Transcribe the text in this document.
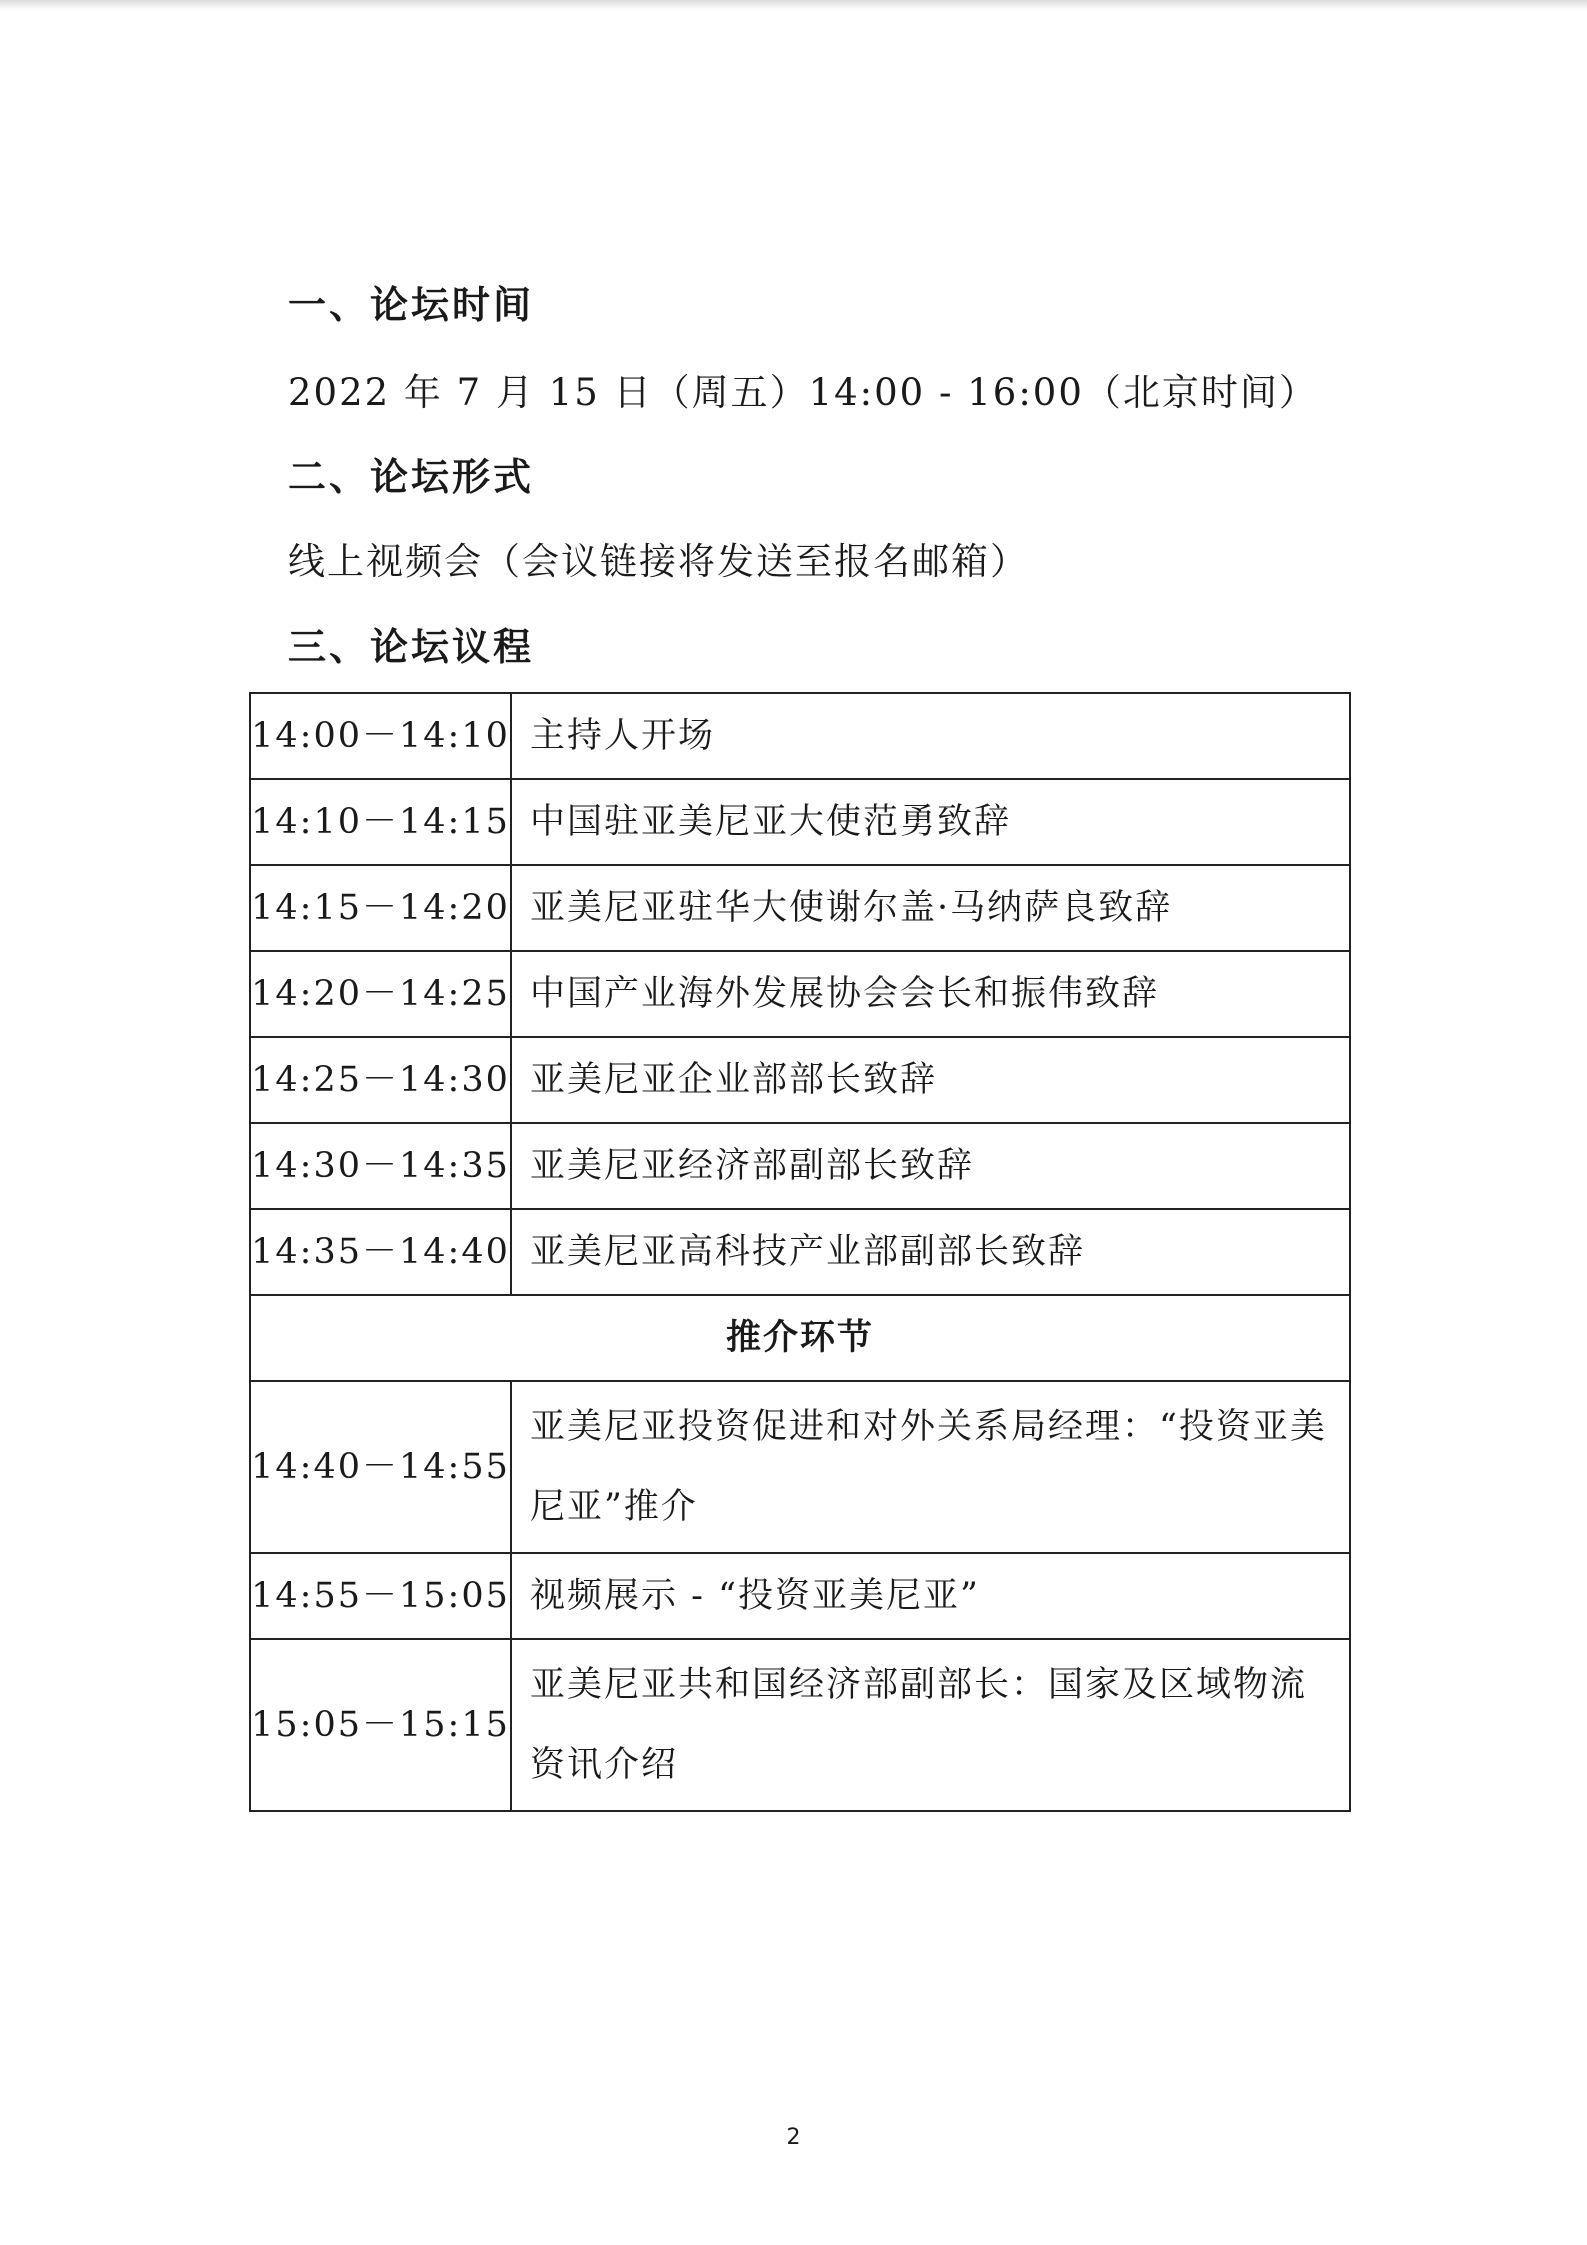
一、论坛时间
2022 年 7 月 15 日（周五）14:00 - 16:00（北京时间）
二、论坛形式
线上视频会（会议链接将发送至报名邮箱）
三、论坛议程
14:00－14:10	主持人开场
14:10－14:15	中国驻亚美尼亚大使范勇致辞
14:15－14:20	亚美尼亚驻华大使谢尔盖·马纳萨良致辞
14:20－14:25	中国产业海外发展协会会长和振伟致辞
14:25－14:30	亚美尼亚企业部部长致辞
14:30－14:35	亚美尼亚经济部副部长致辞
14:35－14:40	亚美尼亚高科技产业部副部长致辞
推介环节	
14:40－14:55	亚美尼亚投资促进和对外关系局经理：“投资亚美尼亚”推介
14:55－15:05	视频展示 - “投资亚美尼亚”
15:05－15:15	亚美尼亚共和国经济部副部长：国家及区域物流资讯介绍
2
